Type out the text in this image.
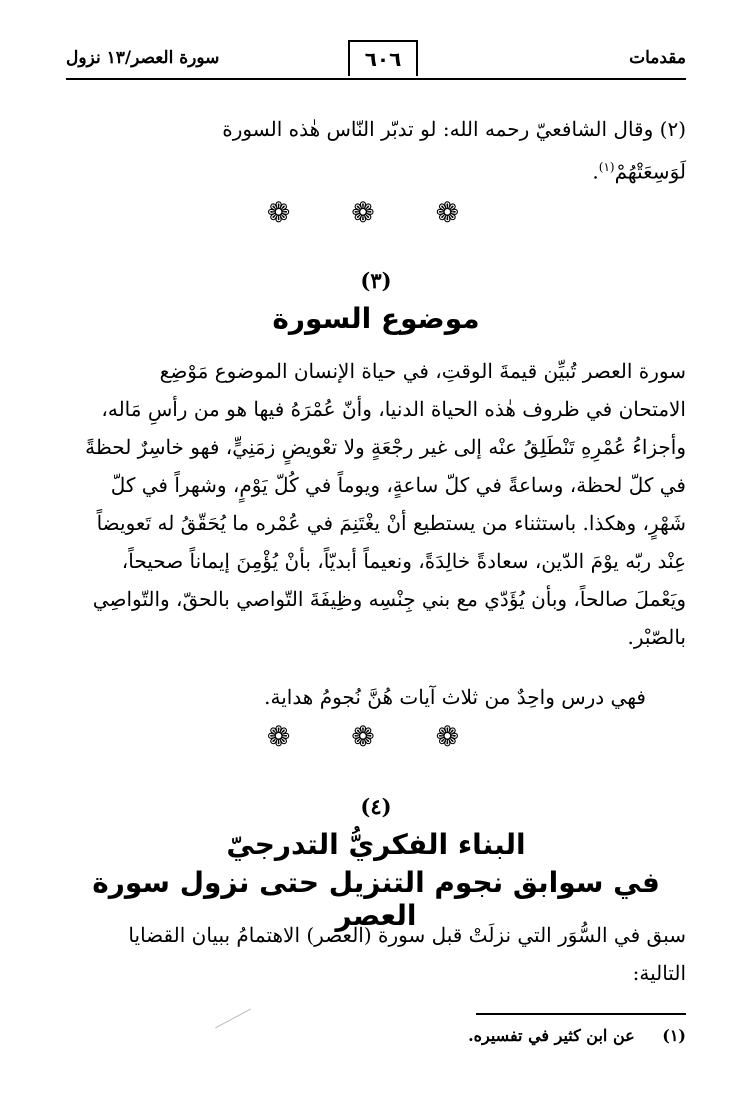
مقدمات
٦٠٦
سورة العصر/١٣ نزول
(٢) وقال الشافعيّ رحمه الله: لو تدبّر النّاس هٰذه السورة
لَوَسِعَتْهُمْ$^{(١)}$.
❁ ❁ ❁
(٣)
موضوع السورة
سورة العصر تُبيِّن قيمةَ الوقتِ، في حياة الإنسان الموضوع مَوْضِع
الامتحان في ظروف هٰذه الحياة الدنيا، وأنّ عُمْرَهُ فيها هو من رأسِ مَاله،
وأجزاءُ عُمْرِهِ تَنْطَلِقُ عنْه إلى غير رجْعَةٍ ولا تعْويضٍ زمَنِيٍّ، فهو خاسِرٌ لحظةً
في كلّ لحظة، وساعةً في كلّ ساعةٍ، ويوماً في كُلّ يَوْمٍ، وشهراً في كلّ
شَهْرٍ، وهكذا. باستثناء من يستطيع أنْ يغْتَنِمَ في عُمْره ما يُحَقّقُ له تَعويضاً
عِنْد ربّه يوْمَ الدّين، سعادةً خالِدَةً، ونعيماً أبديّاً، بأنْ يُؤْمِنَ إيماناً صحيحاً،
ويَعْملَ صالحاً، وبأن يُؤَدّي مع بني جِنْسِه وظِيفَةَ التّواصي بالحقّ، والتّواصِي
بالصّبْر.
فهي درس واحِدٌ من ثلاث آيات هُنَّ نُجومُ هداية.
❁ ❁ ❁
(٤)
البناء الفكريُّ التدرجيّ
في سوابق نجوم التنزيل حتى نزول سورة العصر
سبق في السُّوَر التي نزلَتْ قبل سورة (العصر) الاهتمامُ ببيان القضايا
التالية:
(١) عن ابن كثير في تفسيره.
